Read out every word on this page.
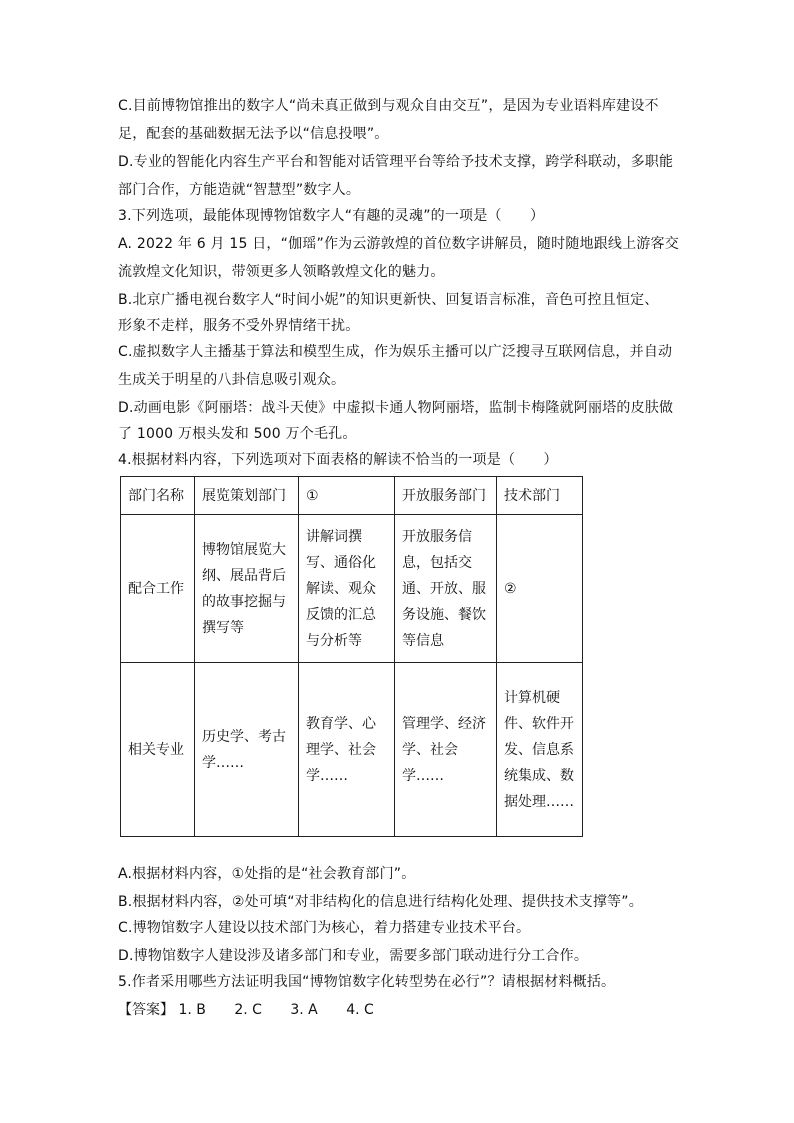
C.目前博物馆推出的数字人“尚未真正做到与观众自由交互”，是因为专业语料库建设不
足，配套的基础数据无法予以“信息投喂”。
D.专业的智能化内容生产平台和智能对话管理平台等给予技术支撑，跨学科联动，多职能
部门合作，方能造就“智慧型”数字人。
3.下列选项，最能体现博物馆数字人“有趣的灵魂”的一项是（　　）
A. 2022 年 6 月 15 日，“伽瑶”作为云游敦煌的首位数字讲解员，随时随地跟线上游客交
流敦煌文化知识，带领更多人领略敦煌文化的魅力。
B.北京广播电视台数字人“时间小妮”的知识更新快、回复语言标准，音色可控且恒定、
形象不走样，服务不受外界情绪干扰。
C.虚拟数字人主播基于算法和模型生成，作为娱乐主播可以广泛搜寻互联网信息，并自动
生成关于明星的八卦信息吸引观众。
D.动画电影《阿丽塔：战斗天使》中虚拟卡通人物阿丽塔，监制卡梅隆就阿丽塔的皮肤做
了 1000 万根头发和 500 万个毛孔。
4.根据材料内容，下列选项对下面表格的解读不恰当的一项是（　　）
部门名称	展览策划部门	①	开放服务部门	技术部门
配合工作	博物馆展览大纲、展品背后的故事挖掘与撰写等	讲解词撰写、通俗化解读、观众反馈的汇总与分析等	开放服务信息，包括交通、开放、服务设施、餐饮等信息	②

相关专业	历史学、考古学……	教育学、心理学、社会学……	管理学、经济学、社会学……	计算机硬件、软件开发、信息系统集成、数据处理……
A.根据材料内容，①处指的是“社会教育部门”。
B.根据材料内容，②处可填“对非结构化的信息进行结构化处理、提供技术支撑等”。
C.博物馆数字人建设以技术部门为核心，着力搭建专业技术平台。
D.博物馆数字人建设涉及诸多部门和专业，需要多部门联动进行分工合作。
5.作者采用哪些方法证明我国“博物馆数字化转型势在必行”？请根据材料概括。
【答案】 1. B 2. C 3. A 4. C
